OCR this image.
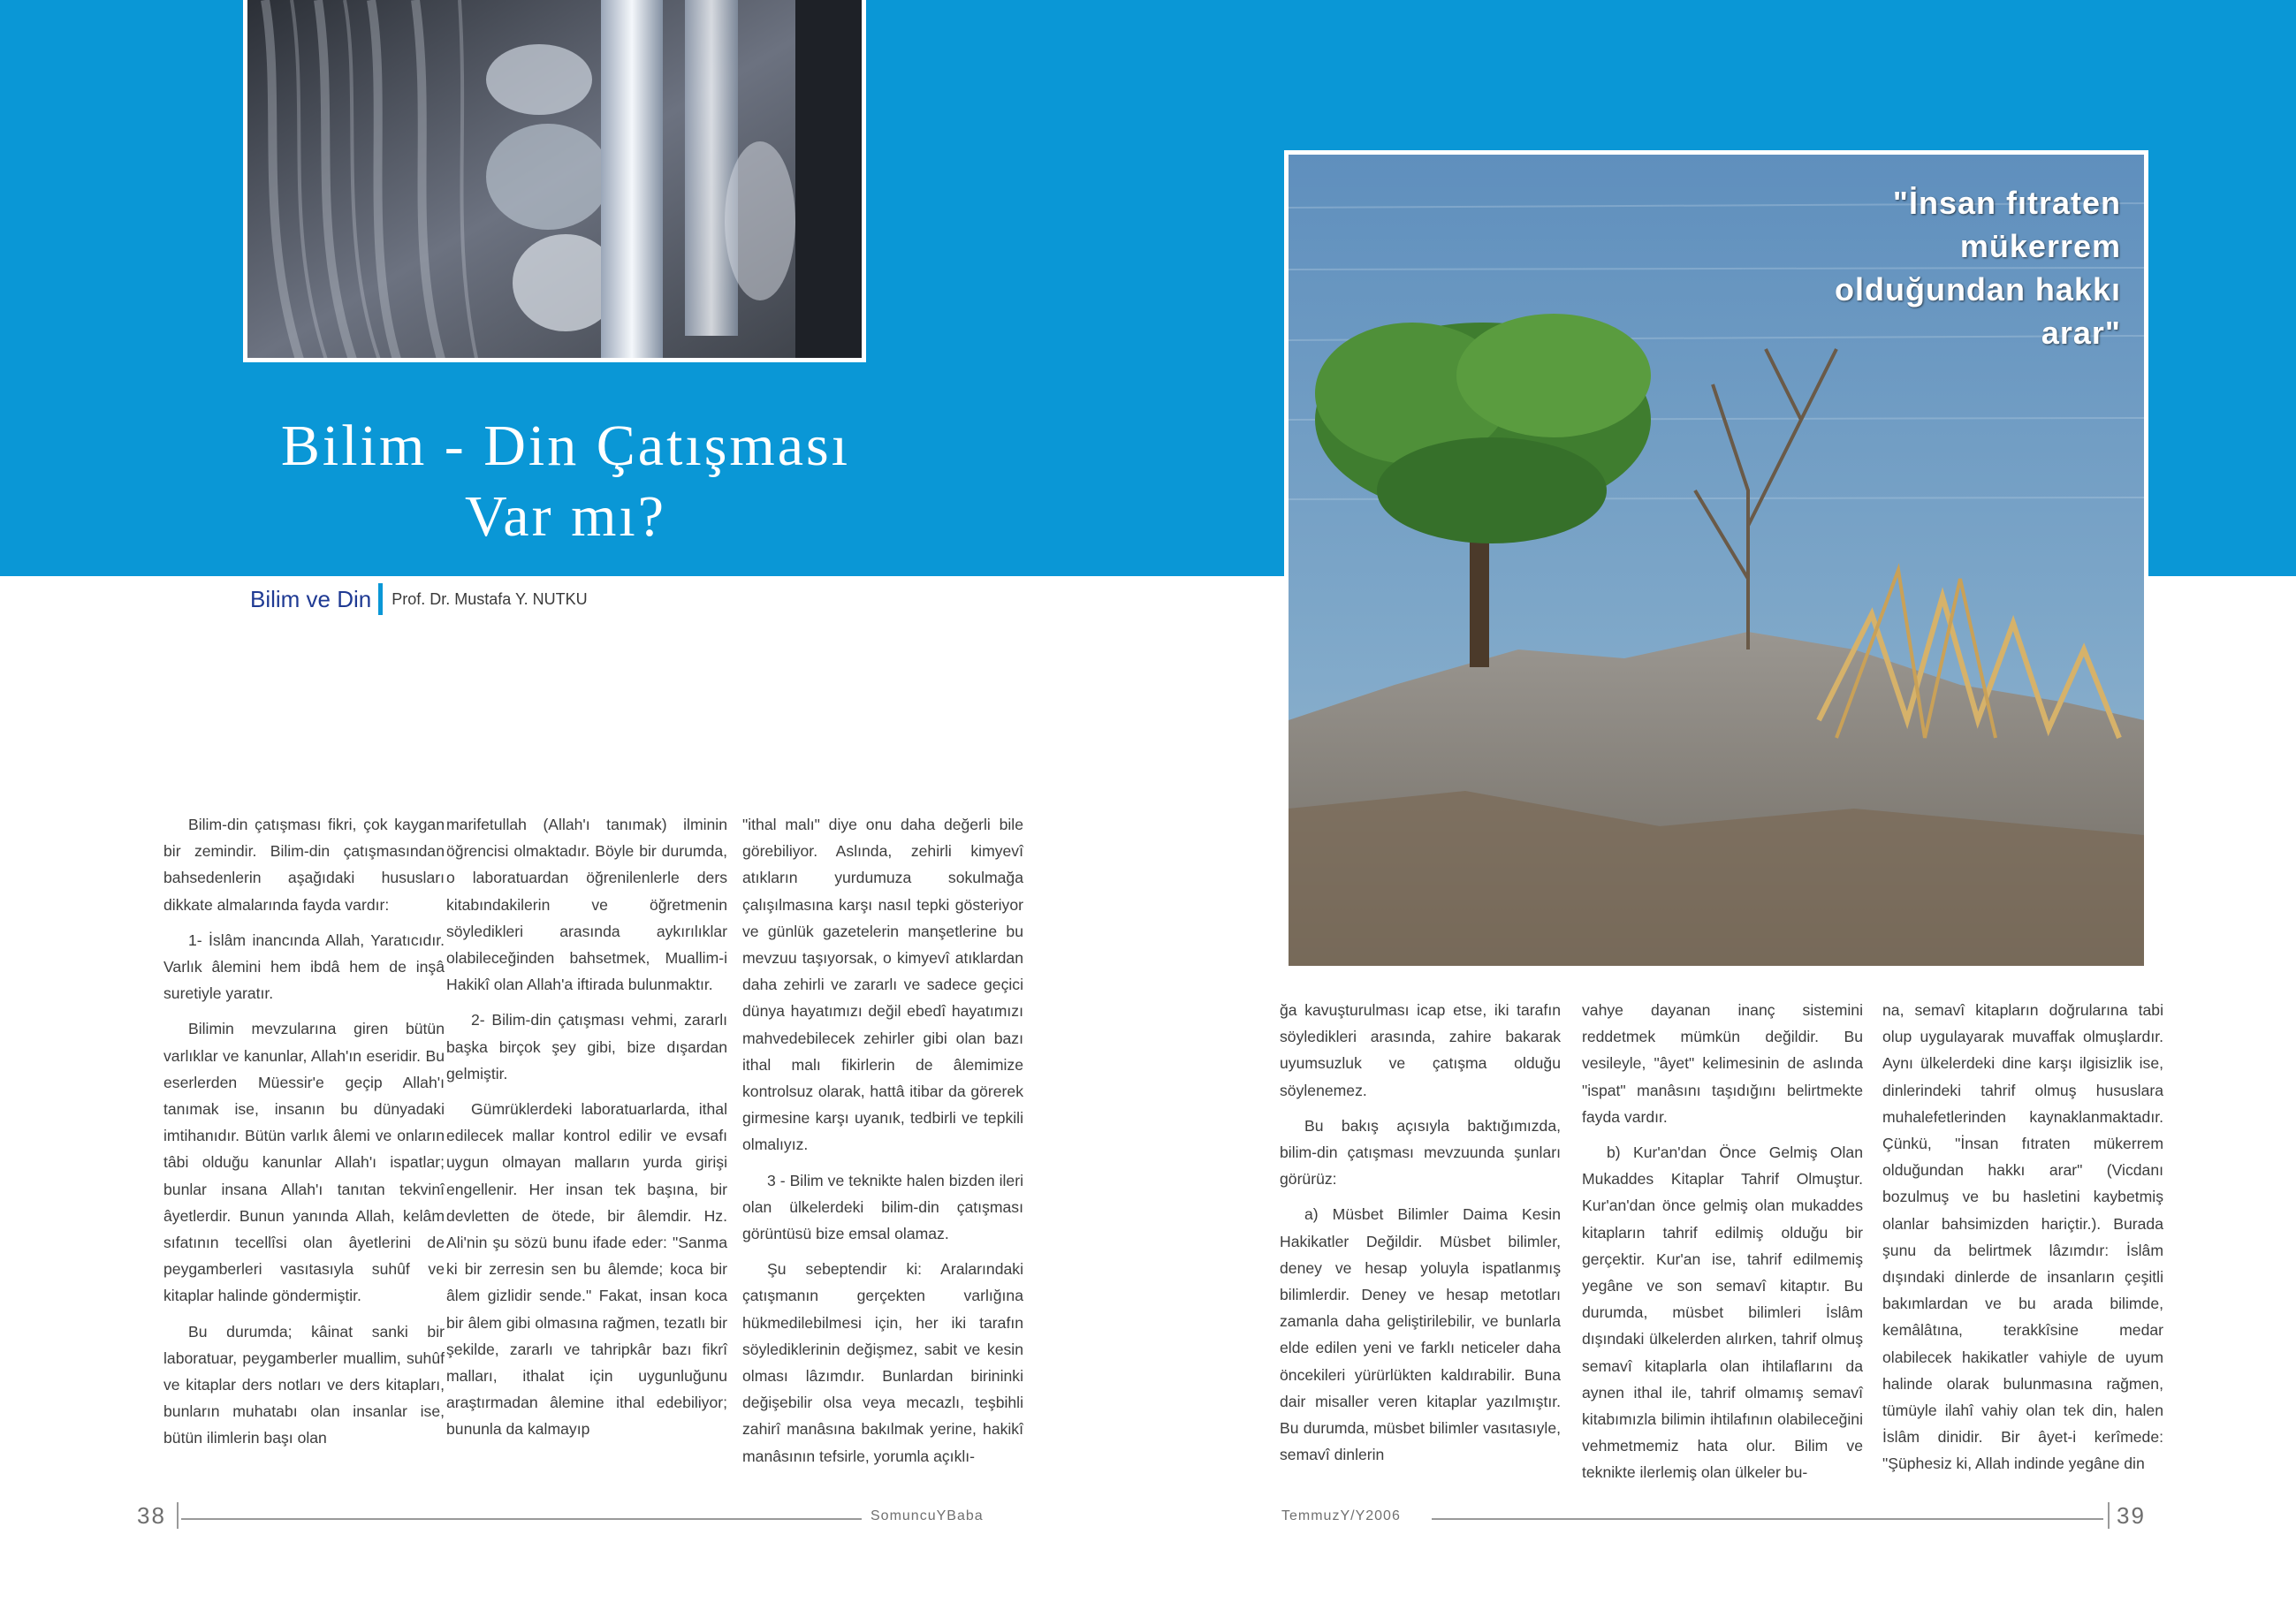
Bilim - Din Çatışması
Var mı?
"İnsan fıtraten mükerrem olduğundan hakkı arar"
Bilim ve Din Prof. Dr. Mustafa Y. NUTKU

Bilim-din çatışması fikri, çok kaygan bir zemindir. Bilim-din çatışmasından bahsedenlerin aşağıdaki hususları dikkate almalarında fayda vardır:

1- İslâm inancında Allah, Yaratıcıdır. Varlık âlemini hem ibdâ hem de inşâ suretiyle yaratır.

Bilimin mevzularına giren bütün varlıklar ve kanunlar, Allah'ın eseridir. Bu eserlerden Müessir'e geçip Allah'ı tanımak ise, insanın bu dünyadaki imtihanıdır. Bütün varlık âlemi ve onların tâbi olduğu kanunlar Allah'ı ispatlar; bunlar insana Allah'ı tanıtan tekvinî âyetlerdir. Bunun yanında Allah, kelâm sıfatının tecellîsi olan âyetlerini de peygamberleri vasıtasıyla suhûf ve kitaplar halinde göndermiştir.

Bu durumda; kâinat sanki bir laboratuar, peygamberler muallim, suhûf ve kitaplar ders notları ve ders kitapları, bunların muhatabı olan insanlar ise, bütün ilimlerin başı olan

marifetullah (Allah'ı tanımak) ilminin öğrencisi olmaktadır. Böyle bir durumda, o laboratuardan öğrenilenlerle ders kitabındakilerin ve öğretmenin söyledikleri arasında aykırılıklar olabileceğinden bahsetmek, Muallim-i Hakikî olan Allah'a iftirada bulunmaktır.

2- Bilim-din çatışması vehmi, zararlı başka birçok şey gibi, bize dışardan gelmiştir.

Gümrüklerdeki laboratuarlarda, ithal edilecek mallar kontrol edilir ve evsafı uygun olmayan malların yurda girişi engellenir. Her insan tek başına, bir devletten de ötede, bir âlemdir. Hz. Ali'nin şu sözü bunu ifade eder: "Sanma ki bir zerresin sen bu âlemde; koca bir âlem gizlidir sende." Fakat, insan koca bir âlem gibi olmasına rağmen, tezatlı bir şekilde, zararlı ve tahripkâr bazı fikrî malları, ithalat için uygunluğunu araştırmadan âlemine ithal edebiliyor; bununla da kalmayıp

"ithal malı" diye onu daha değerli bile görebiliyor. Aslında, zehirli kimyevî atıkların yurdumuza sokulmağa çalışılmasına karşı nasıl tepki gösteriyor ve günlük gazetelerin manşetlerine bu mevzuu taşıyorsak, o kimyevî atıklardan daha zehirli ve zararlı ve sadece geçici dünya hayatımızı değil ebedî hayatımızı mahvedebilecek zehirler gibi olan bazı ithal malı fikirlerin de âlemimize kontrolsuz olarak, hattâ itibar da görerek girmesine karşı uyanık, tedbirli ve tepkili olmalıyız.

3 - Bilim ve teknikte halen bizden ileri olan ülkelerdeki bilim-din çatışması görüntüsü bize emsal olamaz.

Şu sebeptendir ki: Aralarındaki çatışmanın gerçekten varlığına hükmedilebilmesi için, her iki tarafın söylediklerinin değişmez, sabit ve kesin olması lâzımdır. Bunlardan birininki değişebilir olsa veya mecazlı, teşbihli zahirî manâsına bakılmak yerine, hakikî manâsının tefsirle, yorumla açıklı-

ğa kavuşturulması icap etse, iki tarafın söyledikleri arasında, zahire bakarak uyumsuzluk ve çatışma olduğu söylenemez.

Bu bakış açısıyla baktığımızda, bilim-din çatışması mevzuunda şunları görürüz:

a) Müsbet Bilimler Daima Kesin Hakikatler Değildir. Müsbet bilimler, deney ve hesap yoluyla ispatlanmış bilimlerdir. Deney ve hesap metotları zamanla daha geliştirilebilir, ve bunlarla elde edilen yeni ve farklı neticeler daha öncekileri yürürlükten kaldırabilir. Buna dair misaller veren kitaplar yazılmıştır. Bu durumda, müsbet bilimler vasıtasıyle, semavî dinlerin

vahye dayanan inanç sistemini reddetmek mümkün değildir. Bu vesileyle, "âyet" kelimesinin de aslında "ispat" manâsını taşıdığını belirtmekte fayda vardır.

b) Kur'an'dan Önce Gelmiş Olan Mukaddes Kitaplar Tahrif Olmuştur. Kur'an'dan önce gelmiş olan mukaddes kitapların tahrif edilmiş olduğu bir gerçektir. Kur'an ise, tahrif edilmemiş yegâne ve son semavî kitaptır. Bu durumda, müsbet bilimleri İslâm dışındaki ülkelerden alırken, tahrif olmuş semavî kitaplarla olan ihtilaflarını da aynen ithal ile, tahrif olmamış semavî kitabımızla bilimin ihtilafının olabileceğini vehmetmemiz hata olur. Bilim ve teknikte ilerlemiş olan ülkeler bu-

na, semavî kitapların doğrularına tabi olup uygulayarak muvaffak olmuşlardır. Aynı ülkelerdeki dine karşı ilgisizlik ise, dinlerindeki tahrif olmuş hususlara muhalefetlerinden kaynaklanmaktadır. Çünkü, "İnsan fıtraten mükerrem olduğundan hakkı arar" (Vicdanı bozulmuş ve bu hasletini kaybetmiş olanlar bahsimizden hariçtir.). Burada şunu da belirtmek lâzımdır: İslâm dışındaki dinlerde de insanların çeşitli bakımlardan ve bu arada bilimde, kemâlâtına, terakkîsine medar olabilecek hakikatler vahiyle de uyum halinde olarak bulunmasına rağmen, tümüyle ilahî vahiy olan tek din, halen İslâm dinidir. Bir âyet-i kerîmede: "Şüphesiz ki, Allah indinde yegâne din

38	SomuncuYBaba	TemmuzY/Y2006	39
